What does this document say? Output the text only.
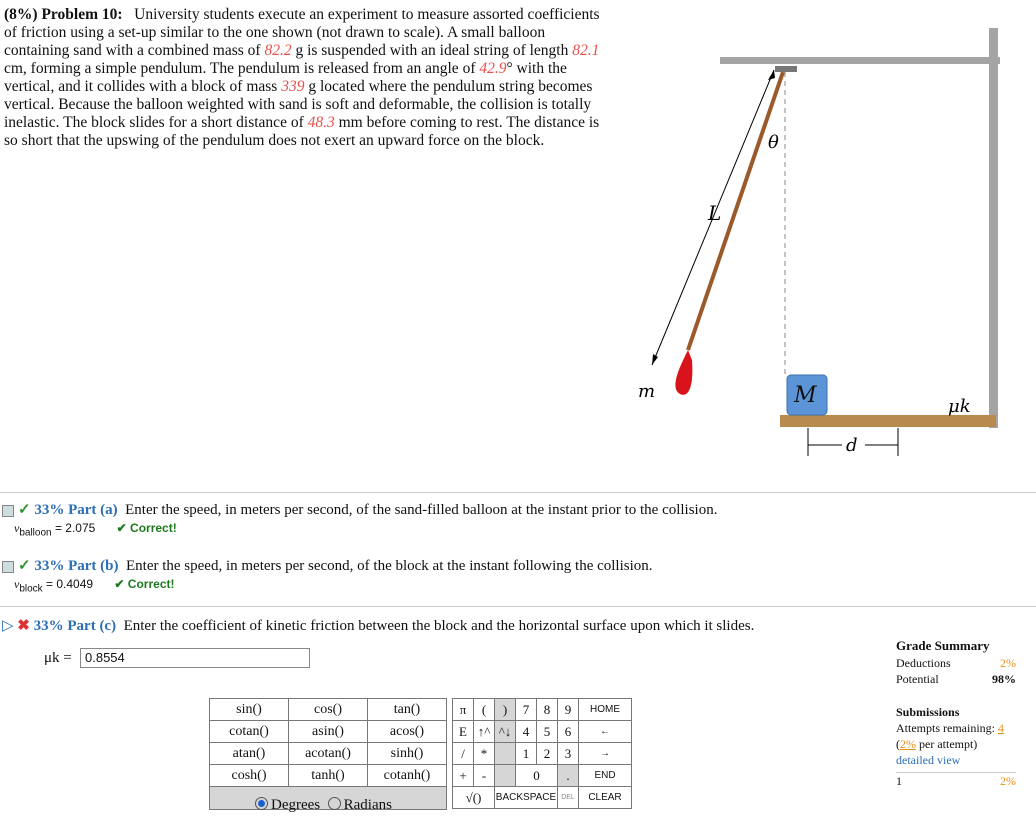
(8%) Problem 10: University students execute an experiment to measure assorted coefficients of friction using a set-up similar to the one shown (not drawn to scale). A small balloon containing sand with a combined mass of 82.2 g is suspended with an ideal string of length 82.1 cm, forming a simple pendulum. The pendulum is released from an angle of 42.9° with the vertical, and it collides with a block of mass 339 g located where the pendulum string becomes vertical. Because the balloon weighted with sand is soft and deformable, the collision is totally inelastic. The block slides for a short distance of 48.3 mm before coming to rest. The distance is so short that the upswing of the pendulum does not exert an upward force on the block.
L
θ
m	M	μk
d
✓ 33% Part (a) Enter the speed, in meters per second, of the sand-filled balloon at the instant prior to the collision.
$v_{balloon} = 2.075$ ✔ Correct!
✓ 33% Part (b) Enter the speed, in meters per second, of the block at the instant following the collision.
$v_{block} = 0.4049$ ✔ Correct!
▷ ✖ 33% Part (c) Enter the coefficient of kinetic friction between the block and the horizontal surface upon which it slides.
μk =	0.8554
sin()	cos()	tan()
cotan()	asin()	acos()
atan()	acotan()	sinh()
cosh()	tanh()	cotanh()

Degrees Radians
π	(	)	7	8	9	HOME
E	↑^	^↓	4	5	6	←
/	*		1	2	3	→
+	-		0		.	END
√()		BACKSPACE			DEL	CLEAR
Grade Summary
Deductions	2%
Potential	98%
Submissions
Attempts remaining: 4
(2% per attempt)
detailed view
1	2%
